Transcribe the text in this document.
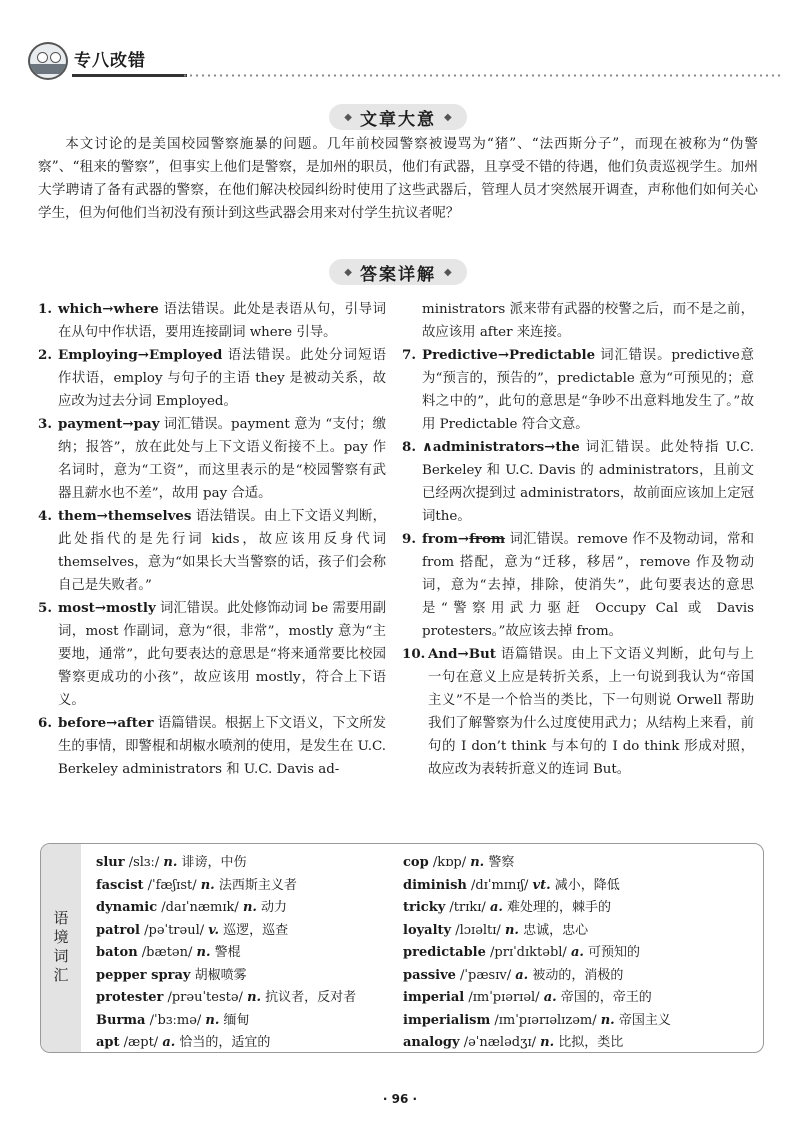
专八改错
◆ 文章大意 ◆
本文讨论的是美国校园警察施暴的问题。几年前校园警察被谩骂为“猪”、“法西斯分子”，而现在被称为“伪警察”、“租来的警察”，但事实上他们是警察，是加州的职员，他们有武器，且享受不错的待遇，他们负责巡视学生。加州大学聘请了备有武器的警察，在他们解决校园纠纷时使用了这些武器后，管理人员才突然展开调查，声称他们如何关心学生，但为何他们当初没有预计到这些武器会用来对付学生抗议者呢？
◆ 答案详解 ◆
1. which→where 语法错误。此处是表语从句，引导词在从句中作状语，要用连接副词 where 引导。
2. Employing→Employed 语法错误。此处分词短语作状语，employ 与句子的主语 they 是被动关系，故应改为过去分词 Employed。
3. payment→pay 词汇错误。payment 意为 “支付；缴纳；报答”，放在此处与上下文语义衔接不上。pay 作名词时，意为“工资”，而这里表示的是“校园警察有武器且薪水也不差”，故用 pay 合适。
4. them→themselves 语法错误。由上下文语义判断，此处指代的是先行词 kids，故应该用反身代词 themselves，意为“如果长大当警察的话，孩子们会称自己是失败者。”
5. most→mostly 词汇错误。此处修饰动词 be 需要用副词，most 作副词，意为“很，非常”，mostly 意为“主要地，通常”，此句要表达的意思是“将来通常要比校园警察更成功的小孩”，故应该用 mostly，符合上下语义。
6. before→after 语篇错误。根据上下文语义，下文所发生的事情，即警棍和胡椒水喷剂的使用，是发生在 U.C. Berkeley administrators 和 U.C. Davis ad-
ministrators 派来带有武器的校警之后，而不是之前，故应该用 after 来连接。
7. Predictive→Predictable 词汇错误。predictive意为“预言的，预告的”，predictable 意为“可预见的；意料之中的”，此句的意思是“争吵不出意料地发生了。”故用 Predictable 符合文意。
8. ∧administrators→the 词汇错误。此处特指 U.C. Berkeley 和 U.C. Davis 的 administrators，且前文已经两次提到过 administrators，故前面应该加上定冠词the。
9. from→from 词汇错误。remove 作不及物动词，常和 from 搭配，意为“迁移，移居”，remove 作及物动词，意为“去掉，排除，使消失”，此句要表达的意思是“警察用武力驱赶 Occupy Cal 或 Davis protesters。”故应该去掉 from。
10. And→But 语篇错误。由上下文语义判断，此句与上一句在意义上应是转折关系，上一句说到我认为“帝国主义”不是一个恰当的类比，下一句则说 Orwell 帮助我们了解警察为什么过度使用武力；从结构上来看，前句的 I don’t think 与本句的 I do think 形成对照，故应改为表转折意义的连词 But。
语境词汇
slur /slɜː/ n. 诽谤，中伤
fascist /ˈfæʃɪst/ n. 法西斯主义者
dynamic /daɪˈnæmɪk/ n. 动力
patrol /pəˈtrəul/ v. 巡逻，巡查
baton /bætən/ n. 警棍
pepper spray 胡椒喷雾
protester /prəuˈtestə/ n. 抗议者，反对者
Burma /ˈbɜːmə/ n. 缅甸
apt /æpt/ a. 恰当的，适宜的
cop /kɒp/ n. 警察
diminish /dɪˈmɪnɪʃ/ vt. 减小，降低
tricky /trɪkɪ/ a. 难处理的，棘手的
loyalty /lɔɪəltɪ/ n. 忠诚，忠心
predictable /prɪˈdɪktəbl/ a. 可预知的
passive /ˈpæsɪv/ a. 被动的，消极的
imperial /ɪmˈpɪərɪəl/ a. 帝国的，帝王的
imperialism /ɪmˈpɪərɪəlɪzəm/ n. 帝国主义
analogy /əˈnælədʒɪ/ n. 比拟，类比
· 96 ·
